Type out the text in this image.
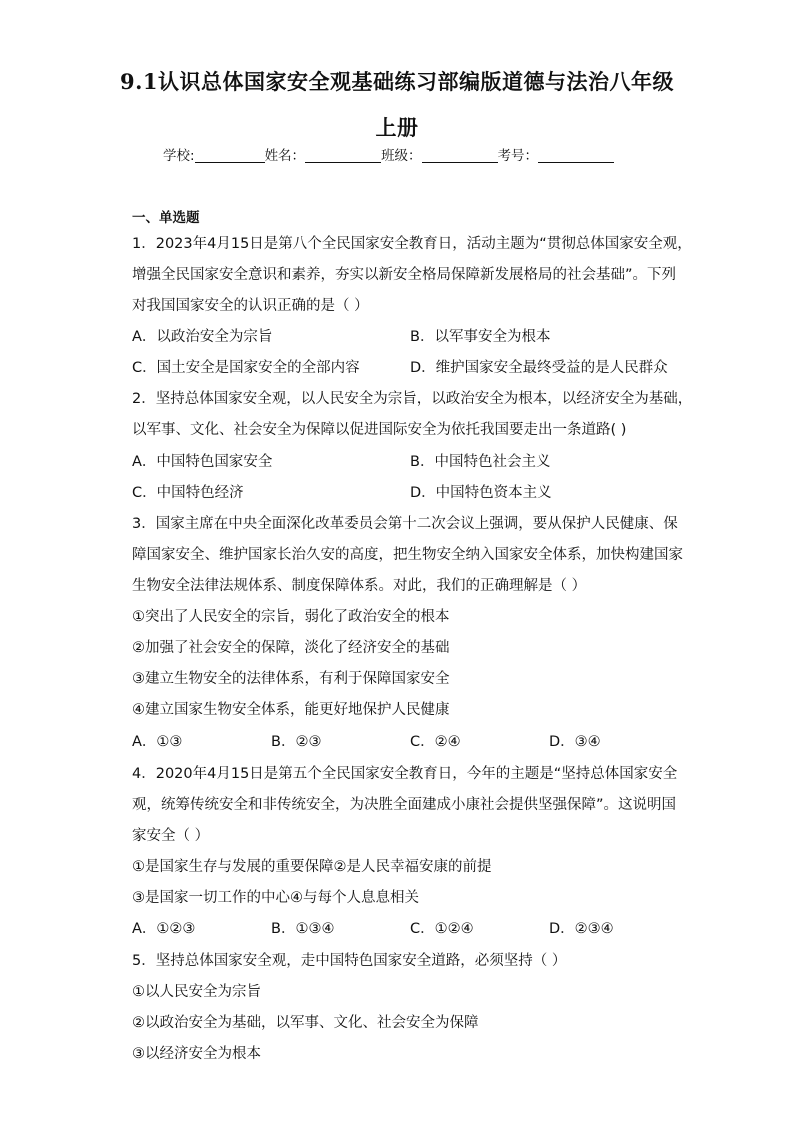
9.1认识总体国家安全观基础练习部编版道德与法治八年级
上册
学校:	姓名：	班级：	考号：
一、单选题
1．2023年4月15日是第八个全民国家安全教育日，活动主题为“贯彻总体国家安全观，
增强全民国家安全意识和素养，夯实以新安全格局保障新发展格局的社会基础”。下列
对我国国家安全的认识正确的是（ ）
A．以政治安全为宗旨	B．以军事安全为根本
C．国土安全是国家安全的全部内容	D．维护国家安全最终受益的是人民群众
2．坚持总体国家安全观，以人民安全为宗旨，以政治安全为根本，以经济安全为基础，
以军事、文化、社会安全为保障以促进国际安全为依托我国要走出一条道路( )
A．中国特色国家安全	B．中国特色社会主义
C．中国特色经济	D．中国特色资本主义
3．国家主席在中央全面深化改革委员会第十二次会议上强调，要从保护人民健康、保
障国家安全、维护国家长治久安的高度，把生物安全纳入国家安全体系，加快构建国家
生物安全法律法规体系、制度保障体系。对此，我们的正确理解是（ ）
①突出了人民安全的宗旨，弱化了政治安全的根本
②加强了社会安全的保障，淡化了经济安全的基础
③建立生物安全的法律体系，有利于保障国家安全
④建立国家生物安全体系，能更好地保护人民健康
A．①③	B．②③	C．②④	D．③④
4．2020年4月15日是第五个全民国家安全教育日，今年的主题是“坚持总体国家安全
观，统筹传统安全和非传统安全，为决胜全面建成小康社会提供坚强保障”。这说明国
家安全（ ）
①是国家生存与发展的重要保障②是人民幸福安康的前提
③是国家一切工作的中心④与每个人息息相关
A．①②③	B．①③④	C．①②④	D．②③④
5．坚持总体国家安全观，走中国特色国家安全道路，必须坚持（ ）
①以人民安全为宗旨
②以政治安全为基础，以军事、文化、社会安全为保障
③以经济安全为根本
